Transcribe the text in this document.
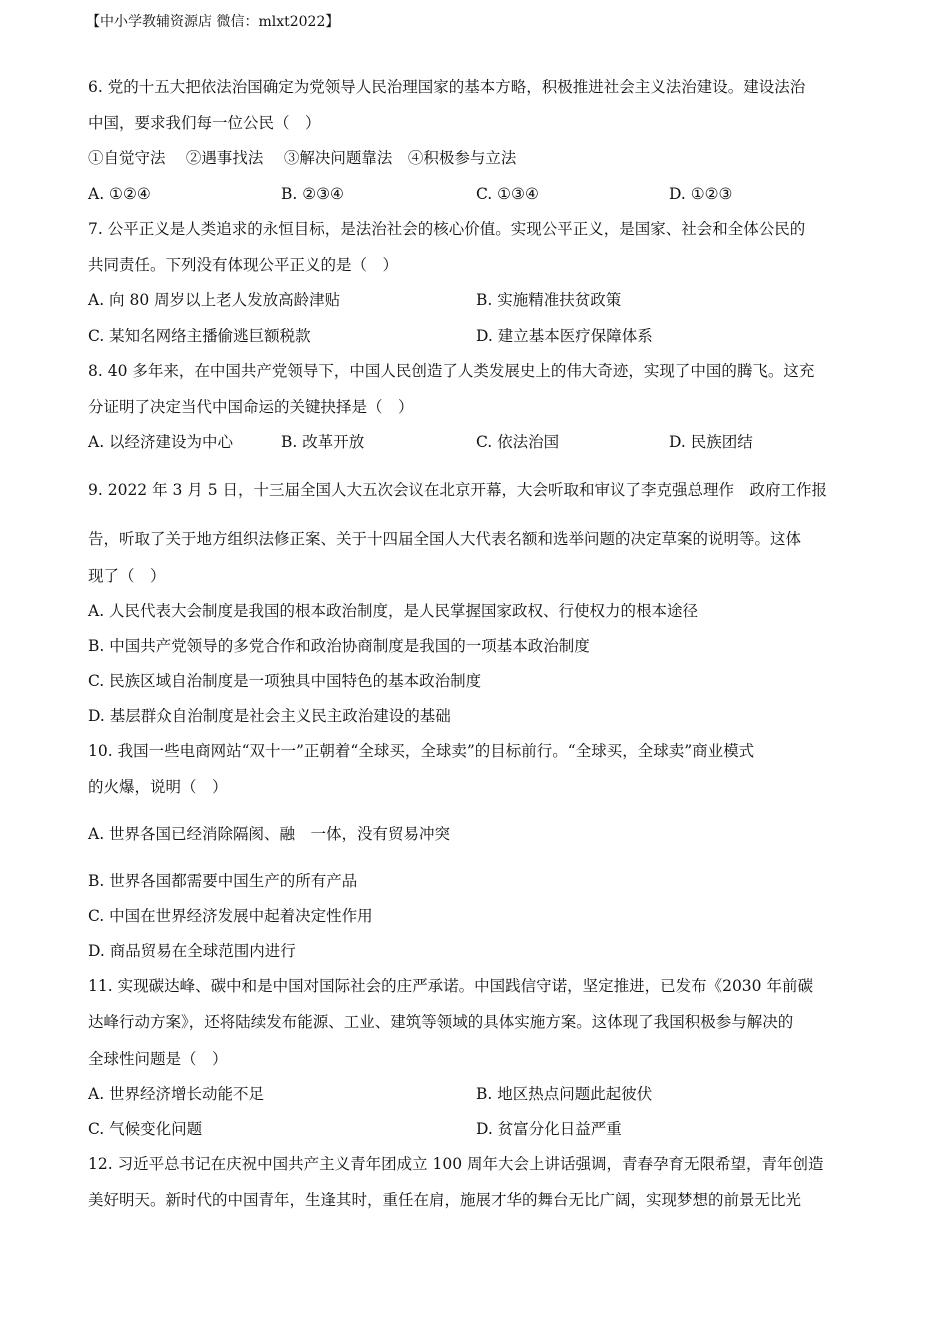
【中小学教辅资源店 微信：mlxt2022】
6. 党的十五大把依法治国确定为党领导人民治理国家的基本方略，积极推进社会主义法治建设。建设法治
中国，要求我们每一位公民（　）
①自觉守法　 ②遇事找法　 ③解决问题靠法　④积极参与立法
A. ①②④	B. ②③④	C. ①③④	D. ①②③
7. 公平正义是人类追求的永恒目标，是法治社会的核心价值。实现公平正义，是国家、社会和全体公民的
共同责任。下列没有体现公平正义的是（　）
A. 向 80 周岁以上老人发放高龄津贴	B. 实施精准扶贫政策
C. 某知名网络主播偷逃巨额税款	D. 建立基本医疗保障体系
8. 40 多年来，在中国共产党领导下，中国人民创造了人类发展史上的伟大奇迹，实现了中国的腾飞。这充
分证明了决定当代中国命运的关键抉择是（　）
A. 以经济建设为中心	B. 改革开放	C. 依法治国	D. 民族团结
9. 2022 年 3 月 5 日，十三届全国人大五次会议在北京开幕，大会听取和审议了李克强总理作　政府工作报
告，听取了关于地方组织法修正案、关于十四届全国人大代表名额和选举问题的决定草案的说明等。这体
现了（　）
A. 人民代表大会制度是我国的根本政治制度，是人民掌握国家政权、行使权力的根本途径
B. 中国共产党领导的多党合作和政治协商制度是我国的一项基本政治制度
C. 民族区域自治制度是一项独具中国特色的基本政治制度
D. 基层群众自治制度是社会主义民主政治建设的基础
10. 我国一些电商网站“双十一”正朝着“全球买，全球卖”的目标前行。“全球买，全球卖”商业模式
的火爆，说明（　）
A. 世界各国已经消除隔阂、融　一体，没有贸易冲突
B. 世界各国都需要中国生产的所有产品
C. 中国在世界经济发展中起着决定性作用
D. 商品贸易在全球范围内进行
11. 实现碳达峰、碳中和是中国对国际社会的庄严承诺。中国践信守诺，坚定推进，已发布《2030 年前碳
达峰行动方案》，还将陆续发布能源、工业、建筑等领域的具体实施方案。这体现了我国积极参与解决的
全球性问题是（　）
A. 世界经济增长动能不足	B. 地区热点问题此起彼伏
C. 气候变化问题	D. 贫富分化日益严重
12. 习近平总书记在庆祝中国共产主义青年团成立 100 周年大会上讲话强调，青春孕育无限希望，青年创造
美好明天。新时代的中国青年，生逢其时，重任在肩，施展才华的舞台无比广阔，实现梦想的前景无比光
